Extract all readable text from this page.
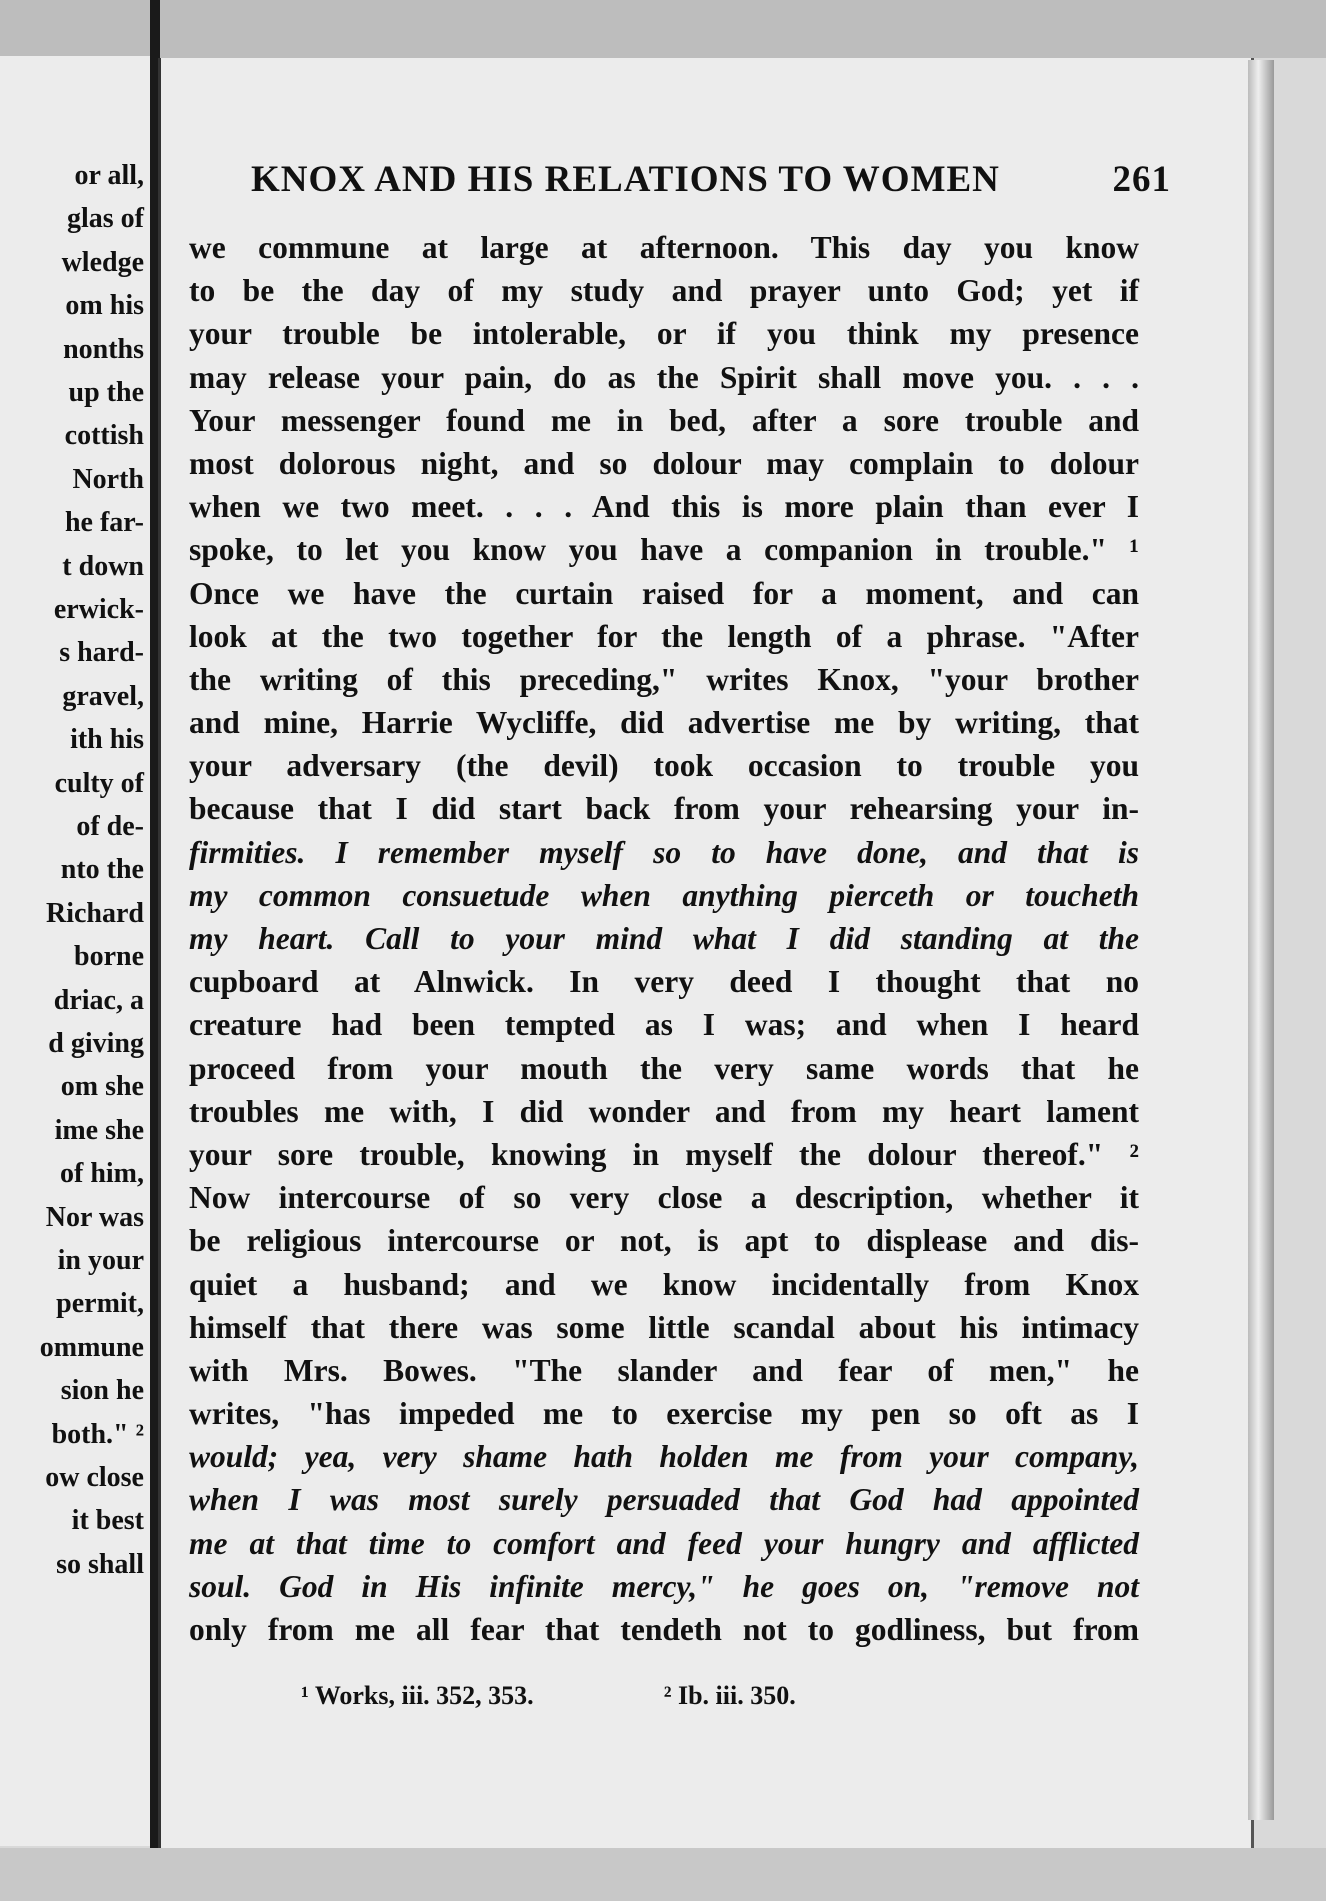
or all,
glas of
wledge
om his
nonths
up the
cottish
North
he far-
t down
erwick-
s hard-
gravel,
ith his
culty of
of de-
nto the
Richard
borne
driac, a
d giving
om she
ime she
of him,
Nor was
in your
permit,
ommune
sion he
both." ²
ow close
it best
so shall
KNOX AND HIS RELATIONS TO WOMEN	261
we commune at large at afternoon. This day you know
to be the day of my study and prayer unto God; yet if
your trouble be intolerable, or if you think my presence
may release your pain, do as the Spirit shall move you. . . .
Your messenger found me in bed, after a sore trouble and
most dolorous night, and so dolour may complain to dolour
when we two meet. . . . And this is more plain than ever I
spoke, to let you know you have a companion in trouble." ¹
Once we have the curtain raised for a moment, and can
look at the two together for the length of a phrase. "After
the writing of this preceding," writes Knox, "your brother
and mine, Harrie Wycliffe, did advertise me by writing, that
your adversary (the devil) took occasion to trouble you
because that I did start back from your rehearsing your in-
firmities. I remember myself so to have done, and that is
my common consuetude when anything pierceth or toucheth
my heart. Call to your mind what I did standing at the
cupboard at Alnwick. In very deed I thought that no
creature had been tempted as I was; and when I heard
proceed from your mouth the very same words that he
troubles me with, I did wonder and from my heart lament
your sore trouble, knowing in myself the dolour thereof." ²
Now intercourse of so very close a description, whether it
be religious intercourse or not, is apt to displease and dis-
quiet a husband; and we know incidentally from Knox
himself that there was some little scandal about his intimacy
with Mrs. Bowes. "The slander and fear of men," he
writes, "has impeded me to exercise my pen so oft as I
would; yea, very shame hath holden me from your company,
when I was most surely persuaded that God had appointed
me at that time to comfort and feed your hungry and afflicted
soul. God in His infinite mercy," he goes on, "remove not
only from me all fear that tendeth not to godliness, but from
¹ Works, iii. 352, 353.	² Ib. iii. 350.
